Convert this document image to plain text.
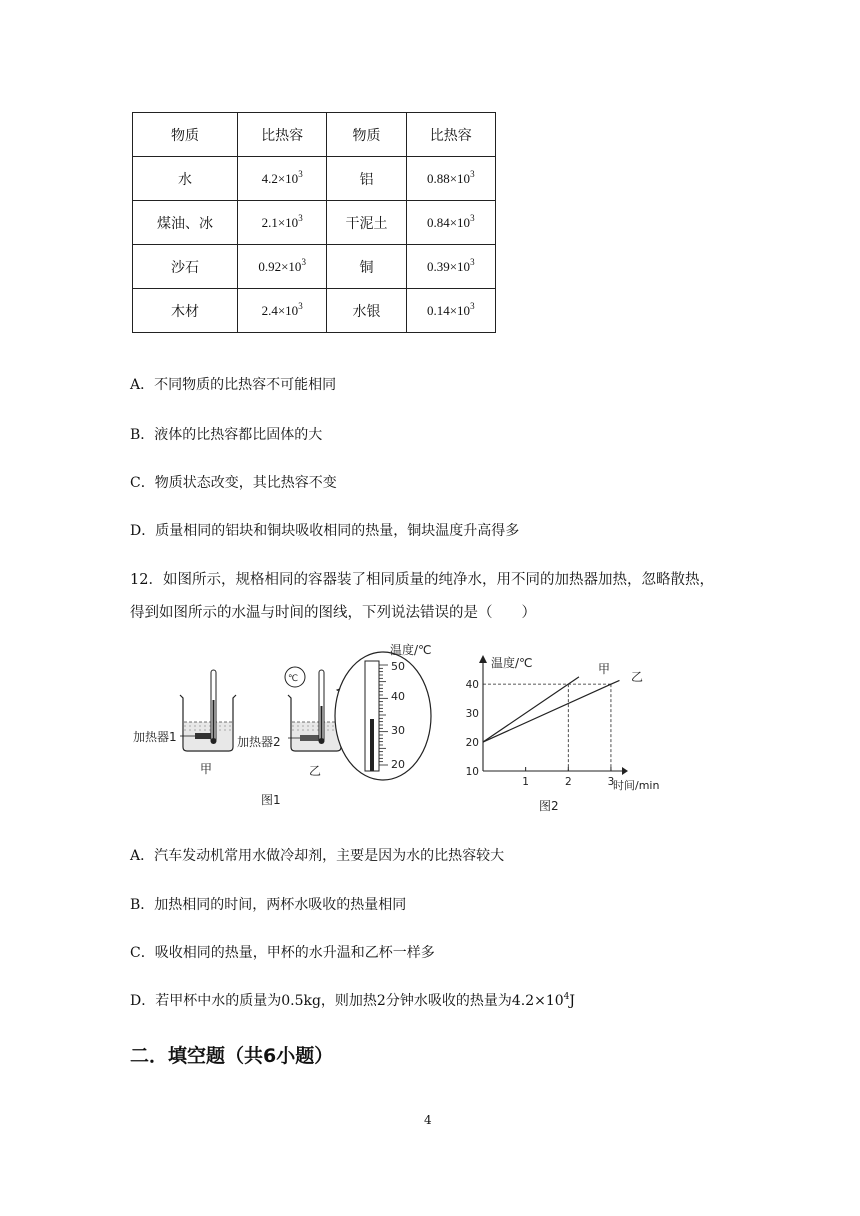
物质	比热容	物质	比热容
水	$4.2\times 10^3$	铝	$0.88\times 10^3$
煤油、冰	$2.1\times 10^3$	干泥土	$0.84\times 10^3$
沙石	$0.92\times 10^3$	铜	$0.39\times 10^3$
木材	$2.4\times 10^3$	水银	$0.14\times 10^3$
A．不同物质的比热容不可能相同
B．液体的比热容都比固体的大
C．物质状态改变，其比热容不变
D．质量相同的铝块和铜块吸收相同的热量，铜块温度升高得多
12．如图所示，规格相同的容器装了相同质量的纯净水，用不同的加热器加热，忽略散热，
得到如图所示的水温与时间的图线，下列说法错误的是（　　）
加热器1
甲
℃
加热器2
乙
50
40
30
20
温度/℃
图1
10
20
30
40
1	2	3
温度/℃
时间/min
甲
乙
图2
A．汽车发动机常用水做冷却剂，主要是因为水的比热容较大
B．加热相同的时间，两杯水吸收的热量相同
C．吸收相同的热量，甲杯的水升温和乙杯一样多
D．若甲杯中水的质量为0.5kg，则加热2分钟水吸收的热量为$4.2\times 10^4J$
二．填空题（共6小题）
4
